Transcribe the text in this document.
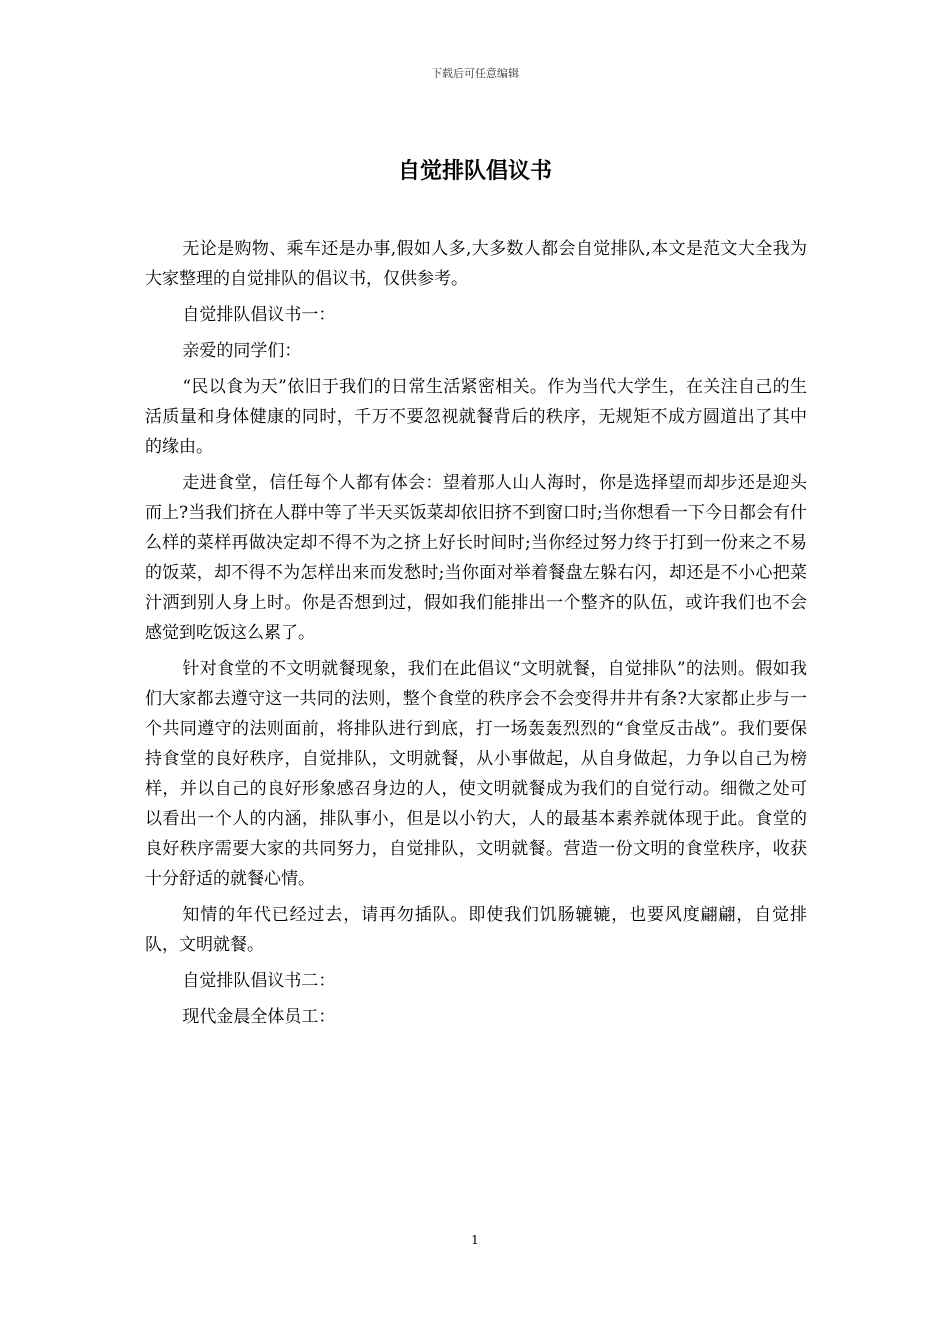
下载后可任意编辑
自觉排队倡议书

无论是购物、乘车还是办事,假如人多,大多数人都会自觉排队,本文是范文大全我为大家整理的自觉排队的倡议书，仅供参考。

自觉排队倡议书一：

亲爱的同学们：

“民以食为天”依旧于我们的日常生活紧密相关。作为当代大学生，在关注自己的生活质量和身体健康的同时，千万不要忽视就餐背后的秩序，无规矩不成方圆道出了其中的缘由。

走进食堂，信任每个人都有体会：望着那人山人海时，你是选择望而却步还是迎头而上?当我们挤在人群中等了半天买饭菜却依旧挤不到窗口时;当你想看一下今日都会有什么样的菜样再做决定却不得不为之挤上好长时间时;当你经过努力终于打到一份来之不易的饭菜，却不得不为怎样出来而发愁时;当你面对举着餐盘左躲右闪，却还是不小心把菜汁洒到别人身上时。你是否想到过，假如我们能排出一个整齐的队伍，或许我们也不会感觉到吃饭这么累了。

针对食堂的不文明就餐现象，我们在此倡议“文明就餐，自觉排队”的法则。假如我们大家都去遵守这一共同的法则，整个食堂的秩序会不会变得井井有条?大家都止步与一个共同遵守的法则面前，将排队进行到底，打一场轰轰烈烈的“食堂反击战”。我们要保持食堂的良好秩序，自觉排队，文明就餐，从小事做起，从自身做起，力争以自己为榜样，并以自己的良好形象感召身边的人，使文明就餐成为我们的自觉行动。细微之处可以看出一个人的内涵，排队事小，但是以小钓大，人的最基本素养就体现于此。食堂的良好秩序需要大家的共同努力，自觉排队，文明就餐。营造一份文明的食堂秩序，收获十分舒适的就餐心情。

知情的年代已经过去，请再勿插队。即使我们饥肠辘辘，也要风度翩翩，自觉排队，文明就餐。

自觉排队倡议书二：

现代金晨全体员工：

1
